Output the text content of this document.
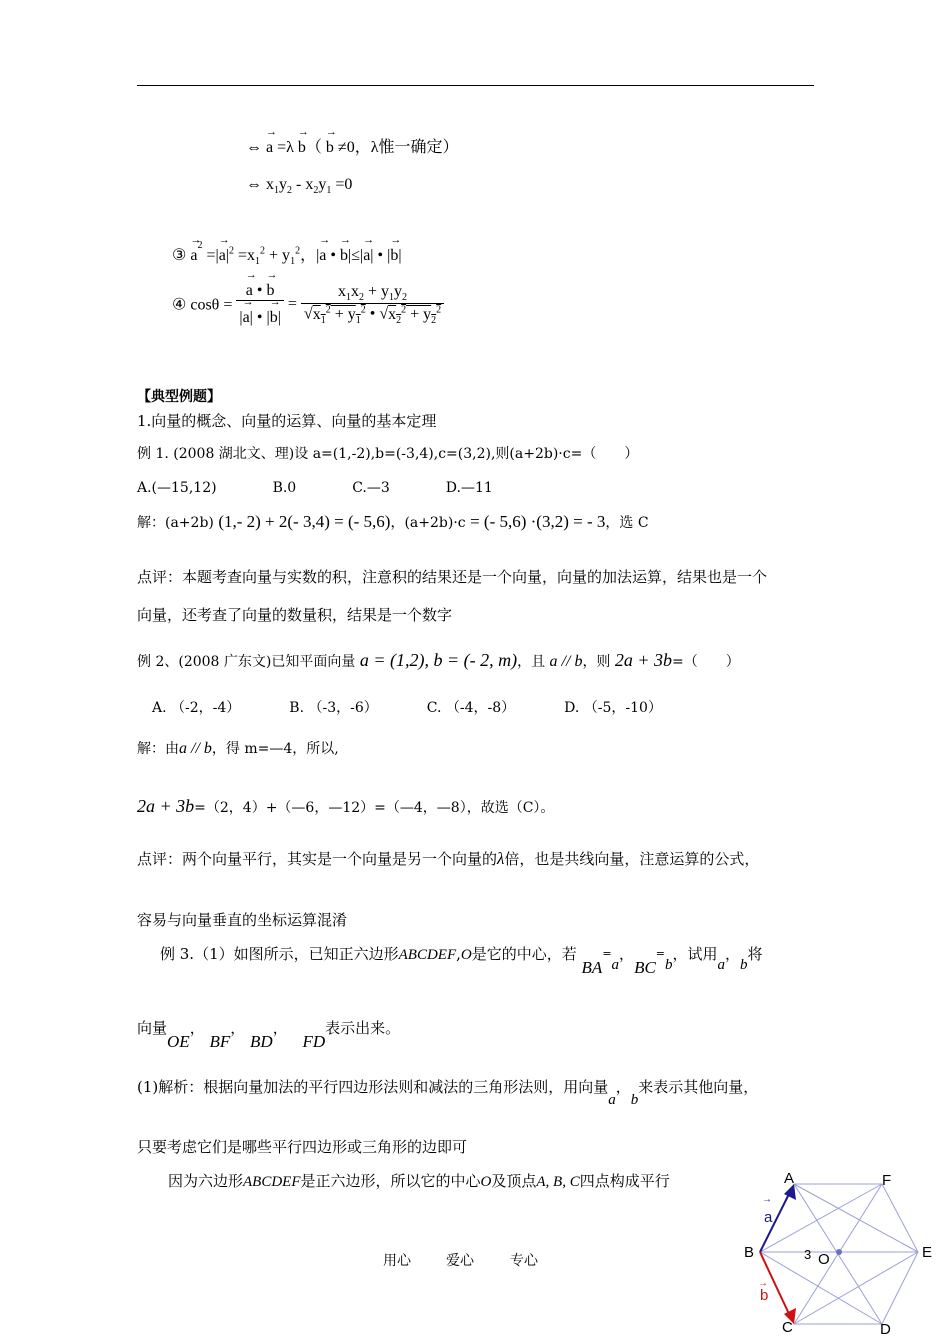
⇔ → a =λ → b（ → b ≠0，λ惟一确定）
⇔ $x_1y_2 - x_2y_1 =0$
③ → $a^2$ =|→ $a|^2 =x_1^2 + y_1^2$，|→ a • → b|≤|→ a| • |→ b|
④ cosθ = → $\frac{a • \to b}{|\to a| • |\to b|} = \frac{x_1x_2 + y_1y_2}{√x_1^2 + y_1^2 • √x_2^2 + y_2^2}$
【典型例题】
1.向量的概念、向量的运算、向量的基本定理
例 1. (2008 湖北文、理)设 a=(1,-2),b=(-3,4),c=(3,2),则(a+2b)·c=（　　）
A.(—15,12)　　　　B.0　　　　C.—3　　　　D.—11
解：(a+2b) (1,- 2) + 2(- 3,4) = (- 5,6)，(a+2b)·c = (- 5,6) ·(3,2) = - 3，选 C
点评：本题考查向量与实数的积，注意积的结果还是一个向量，向量的加法运算，结果也是一个
向量，还考查了向量的数量积，结果是一个数字
例 2、(2008 广东文)已知平面向量 a = (1,2), b = (- 2, m)，且 a // b，则 2a + 3b=（　　）
A. （-2，-4）　　　　B. （-3，-6）　　　　C. （-4，-8）　　　　D. （-5，-10）
解：由a // b，得 m=—4，所以,
2a + 3b=（2，4）+（—6，—12）=（—4，—8），故选（C）。
点评：两个向量平行，其实是一个向量是另一个向量的λ倍，也是共线向量，注意运算的公式，
容易与向量垂直的坐标运算混淆
例 3.（1）如图所示，已知正六边形ABCDEF,O是它的中心，若 BA=a，BC=b，试用a，b将
向量OE， BF， BD， FD表示出来。
(1)解析：根据向量加法的平行四边形法则和减法的三角形法则，用向量a，b来表示其他向量，
只要考虑它们是哪些平行四边形或三角形的边即可
因为六边形ABCDEF是正六边形，所以它的中心O及顶点A, B, C四点构成平行	A	F
B	E
C	D
O
3
a
→
b
→
用心	爱心	专心
